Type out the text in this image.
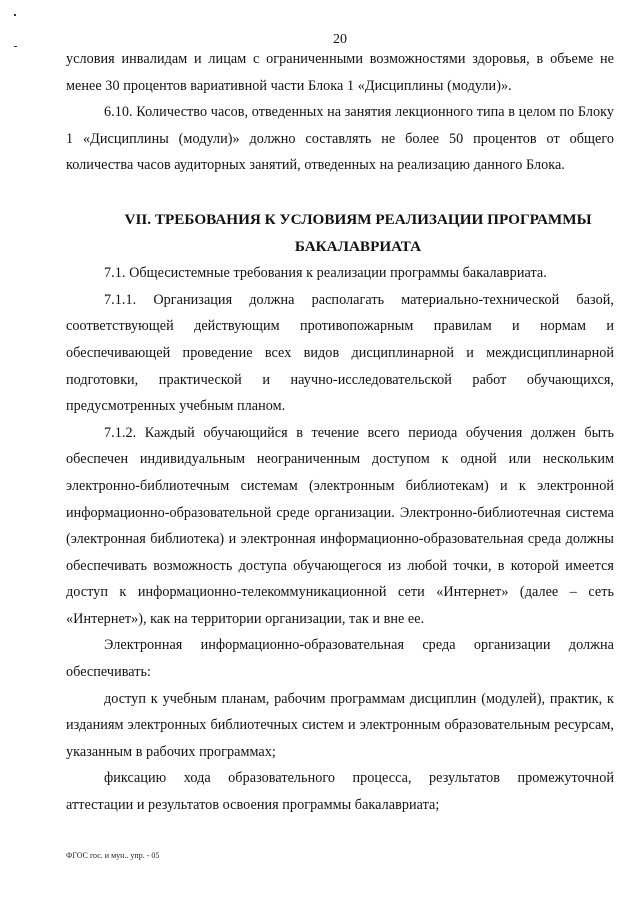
20

условия инвалидам и лицам с ограниченными возможностями здоровья, в объеме не менее 30 процентов вариативной части Блока 1 «Дисциплины (модули)».

6.10. Количество часов, отведенных на занятия лекционного типа в целом по Блоку 1 «Дисциплины (модули)» должно составлять не более 50 процентов от общего количества часов аудиторных занятий, отведенных на реализацию данного Блока.

VII. ТРЕБОВАНИЯ К УСЛОВИЯМ РЕАЛИЗАЦИИ ПРОГРАММЫ
БАКАЛАВРИАТА

7.1. Общесистемные требования к реализации программы бакалавриата.

7.1.1. Организация должна располагать материально-технической базой, соответствующей действующим противопожарным правилам и нормам и обеспечивающей проведение всех видов дисциплинарной и междисциплинарной подготовки, практической и научно-исследовательской работ обучающихся, предусмотренных учебным планом.

7.1.2. Каждый обучающийся в течение всего периода обучения должен быть обеспечен индивидуальным неограниченным доступом к одной или нескольким электронно-библиотечным системам (электронным библиотекам) и к электронной информационно-образовательной среде организации. Электронно-библиотечная система (электронная библиотека) и электронная информационно-образовательная среда должны обеспечивать возможность доступа обучающегося из любой точки, в которой имеется доступ к информационно-телекоммуникационной сети «Интернет» (далее – сеть «Интернет»), как на территории организации, так и вне ее.

Электронная информационно-образовательная среда организации должна обеспечивать:

доступ к учебным планам, рабочим программам дисциплин (модулей), практик, к изданиям электронных библиотечных систем и электронным образовательным ресурсам, указанным в рабочих программах;

фиксацию хода образовательного процесса, результатов промежуточной аттестации и результатов освоения программы бакалавриата;

ФГОС гос. и мун.. упр. - 05
